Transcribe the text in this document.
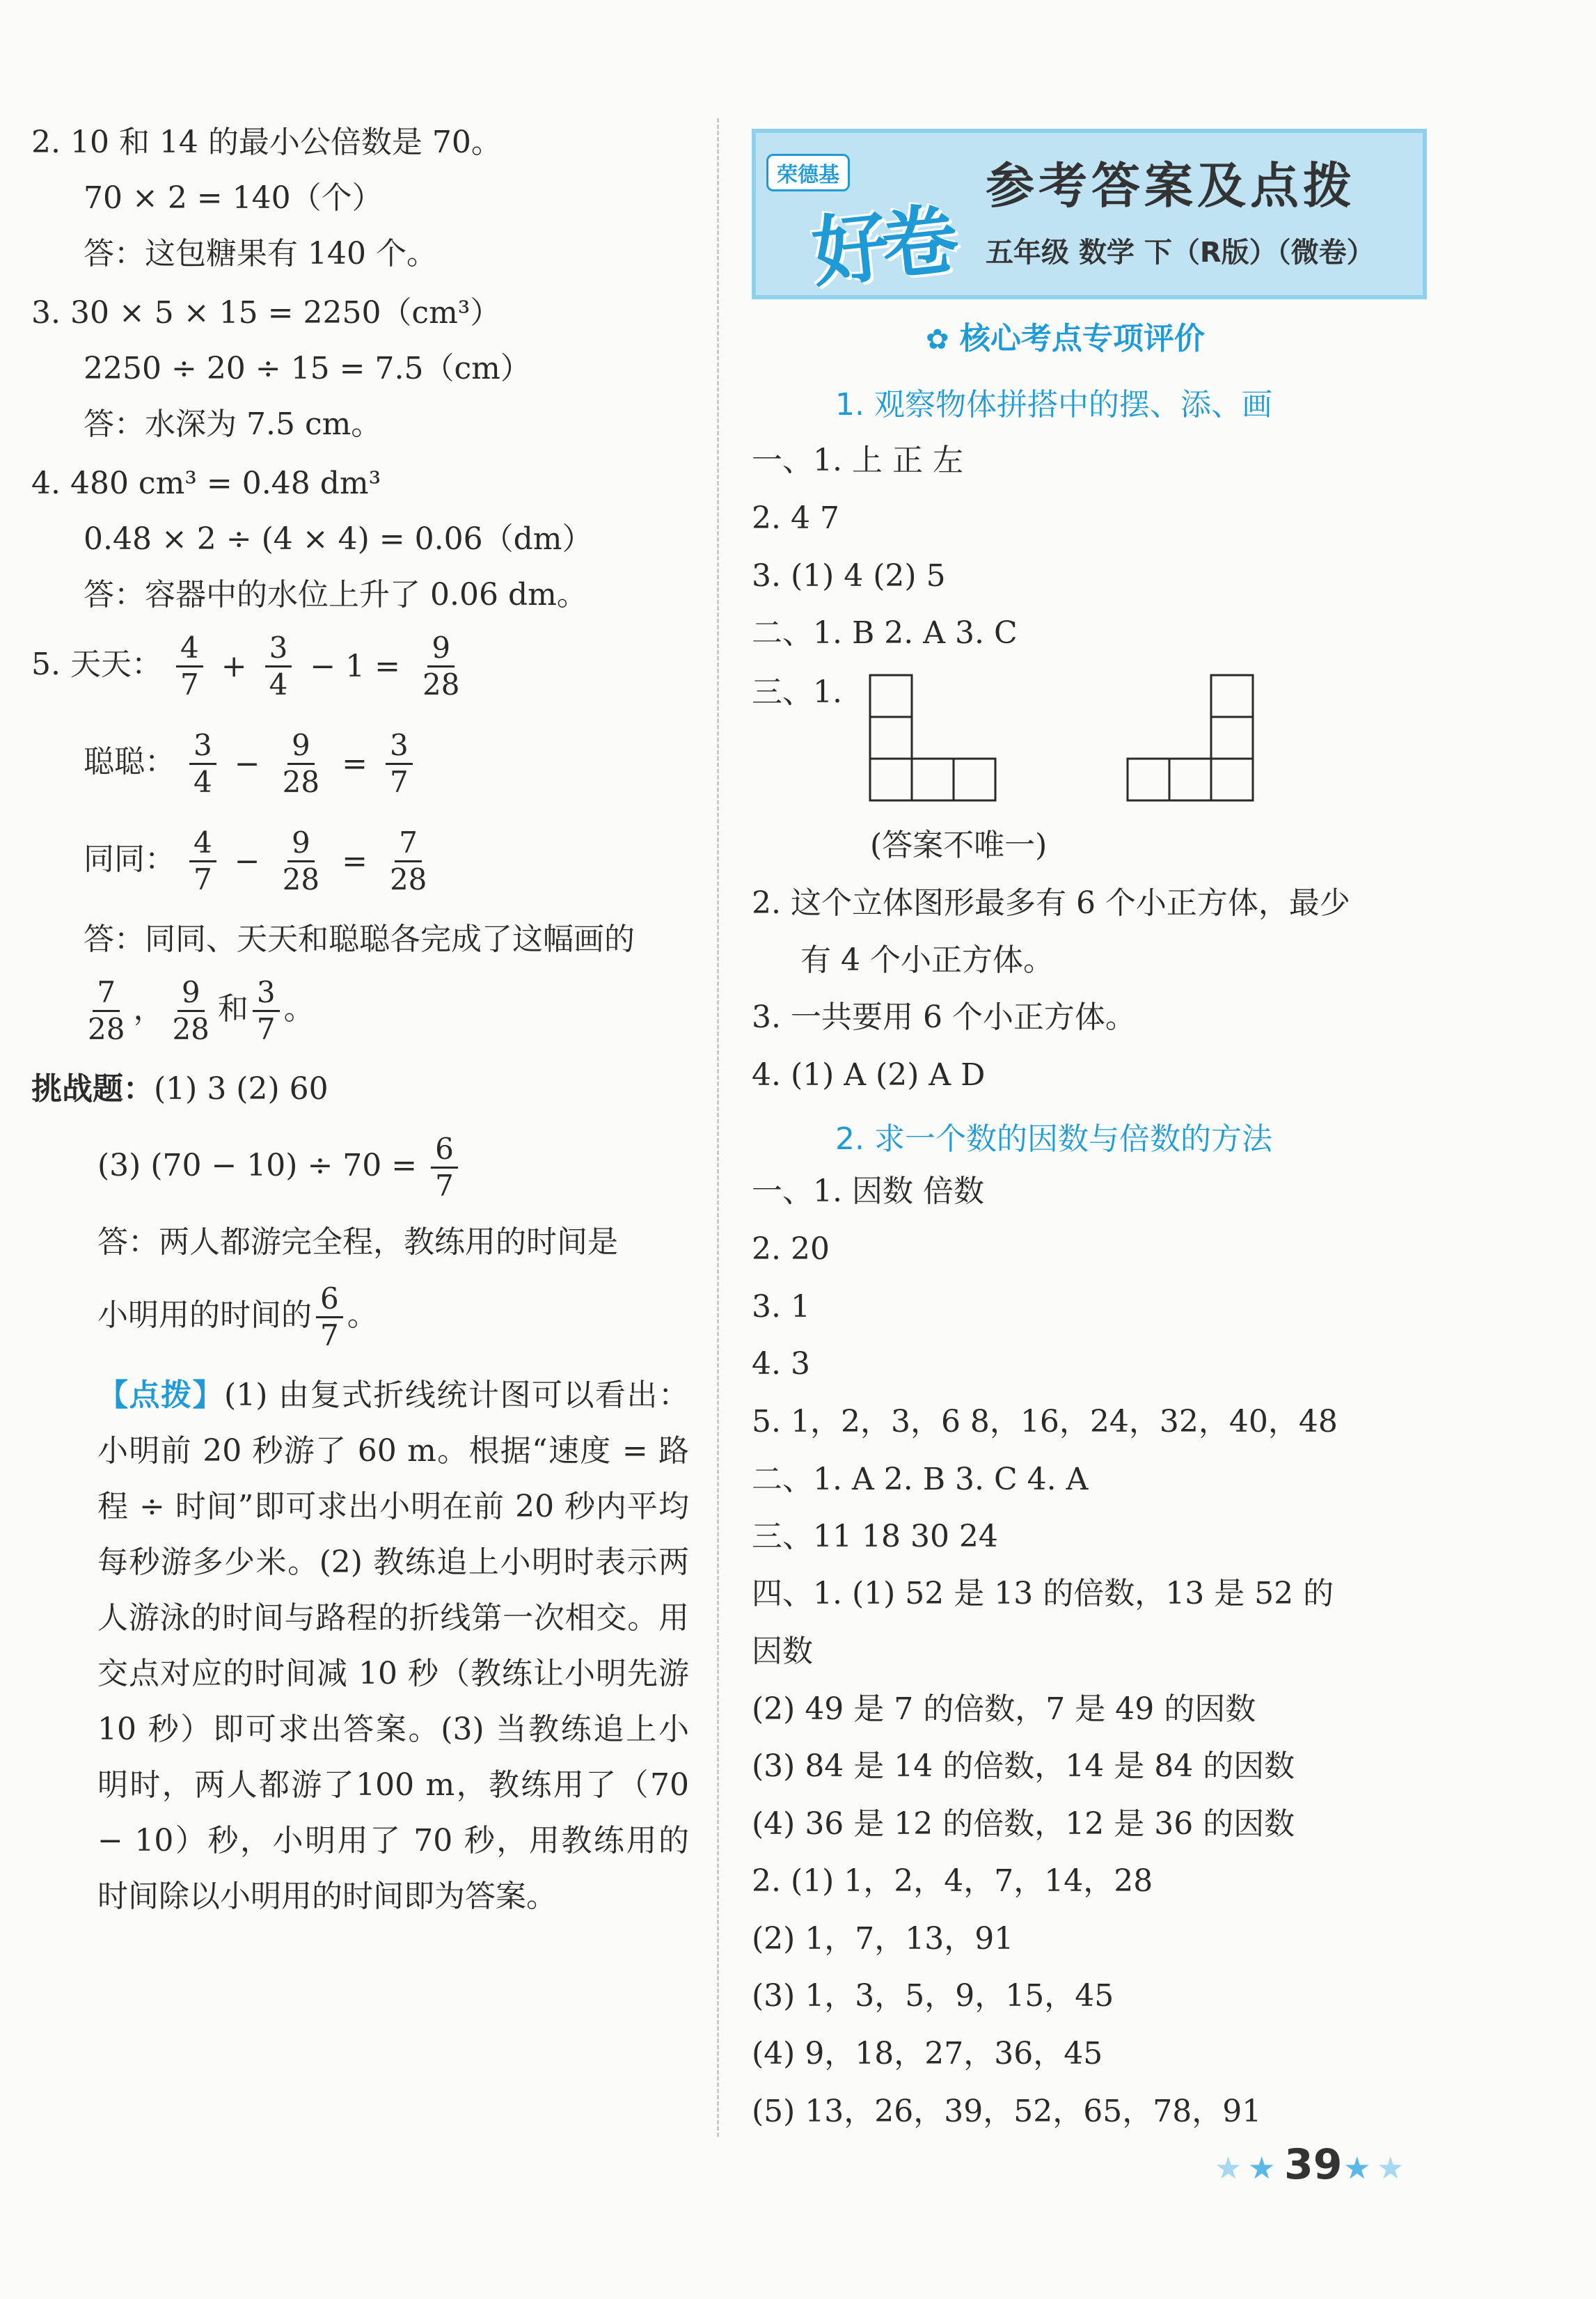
2. 10 和 14 的最小公倍数是 70。
70 × 2 = 140（个）
答：这包糖果有 140 个。
3. 30 × 5 × 15 = 2250（cm³）
2250 ÷ 20 ÷ 15 = 7.5（cm）
答：水深为 7.5 cm。
4. 480 cm³ = 0.48 dm³
0.48 × 2 ÷ (4 × 4) = 0.06（dm）
答：容器中的水位上升了 0.06 dm。
5. 天天： $\frac{4}{7} + \frac{3}{4} - 1 = \frac{9}{28}$
聪聪： $\frac{3}{4} - \frac{9}{28} = \frac{3}{7}$
同同： $\frac{4}{7} - \frac{9}{28} = \frac{7}{28}$
答：同同、天天和聪聪各完成了这幅画的
$\frac{7}{28}$ ， $\frac{9}{28}$ 和 $\frac{3}{7}$ 。
挑战题：(1) 3 (2) 60
(3) $(70 - 10) \div 70 = \frac{6}{7}$
答：两人都游完全程，教练用的时间是
小明用的时间的 $\frac{6}{7}$ 。
【点拨】(1) 由复式折线统计图可以看出：小明前 20 秒游了 60 m。根据“速度 = 路程 ÷ 时间”即可求出小明在前 20 秒内平均每秒游多少米。(2) 教练追上小明时表示两人游泳的时间与路程的折线第一次相交。用交点对应的时间减 10 秒（教练让小明先游 10 秒）即可求出答案。(3) 当教练追上小明时，两人都游了100 m，教练用了（70 − 10）秒，小明用了 70 秒，用教练用的时间除以小明用的时间即为答案。
荣德基
好卷
参考答案及点拨
五年级 数学 下（R版）（微卷）
✿ 核心考点专项评价
1. 观察物体拼搭中的摆、添、画
一、1. 上 正 左
2. 4 7
3. (1) 4 (2) 5
二、1. B 2. A 3. C
三、1.
(答案不唯一)
2. 这个立体图形最多有 6 个小正方体，最少
有 4 个小正方体。
3. 一共要用 6 个小正方体。
4. (1) A (2) A D
2. 求一个数的因数与倍数的方法
一、1. 因数 倍数
2. 20
3. 1
4. 3
5. 1，2，3，6 8，16，24，32，40，48
二、1. A 2. B 3. C 4. A
三、11 18 30 24
四、1. (1) 52 是 13 的倍数，13 是 52 的
因数
(2) 49 是 7 的倍数，7 是 49 的因数
(3) 84 是 14 的倍数，14 是 84 的因数
(4) 36 是 12 的倍数，12 是 36 的因数
2. (1) 1，2，4，7，14，28
(2) 1，7，13，91
(3) 1，3，5，9，15，45
(4) 9，18，27，36，45
(5) 13，26，39，52，65，78，91
★ ★ 39 ★ ★
